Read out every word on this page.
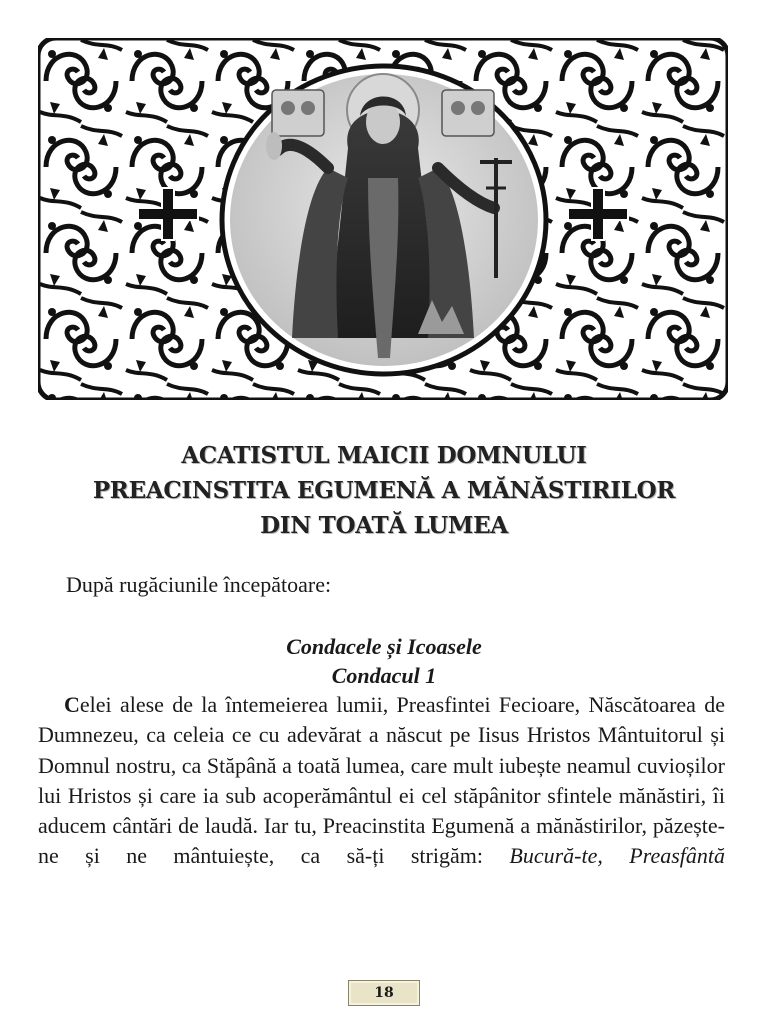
ACATISTUL MAICII DOMNULUI
PREACINSTITA EGUMENĂ A MĂNĂSTIRILOR
DIN TOATĂ LUMEA
După rugăciunile începătoare:
Condacele și Icoasele
Condacul 1
Celei alese de la întemeierea lumii, Preasfintei Fecioare, Născătoarea de Dumnezeu, ca celeia ce cu adevărat a născut pe Iisus Hristos Mântuitorul și Domnul nostru, ca Stăpână a toată lumea, care mult iubește neamul cuvioșilor lui Hristos și care ia sub acoperământul ei cel stăpânitor sfintele mănăstiri, îi aducem cântări de laudă. Iar tu, Preacinstita Egumenă a mănăstirilor, păzește-ne și ne mântuiește, ca să-ți strigăm: Bucură-te, Preasfântă
18
